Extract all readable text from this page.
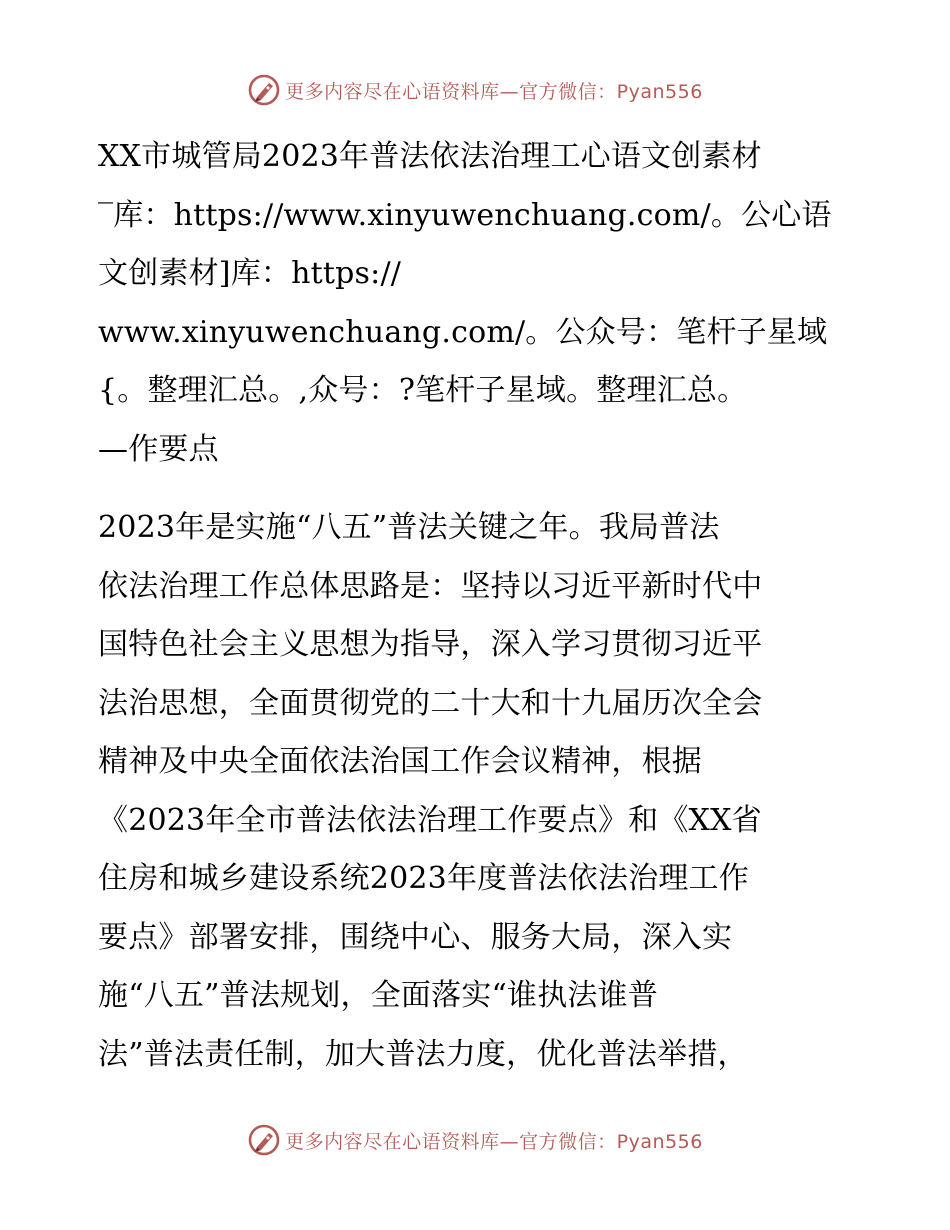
更多内容尽在心语资料库—官方微信：Pyan556

XX市城管局2023年普法依法治理工心语文创素材

‾库：https://www.xinyuwenchuang.com/。公心语

文创素材]库：https://

www.xinyuwenchuang.com/。公众号：笔杆子星域

{。整理汇总。,众号：?笔杆子星域。整理汇总。

—作要点

2023年是实施“八五”普法关键之年。我局普法

依法治理工作总体思路是：坚持以习近平新时代中

国特色社会主义思想为指导，深入学习贯彻习近平

法治思想，全面贯彻党的二十大和十九届历次全会

精神及中央全面依法治国工作会议精神，根据

《2023年全市普法依法治理工作要点》和《XX省

住房和城乡建设系统2023年度普法依法治理工作

要点》部署安排，围绕中心、服务大局，深入实

施“八五”普法规划，全面落实“谁执法谁普

法”普法责任制，加大普法力度，优化普法举措，

更多内容尽在心语资料库—官方微信：Pyan556
